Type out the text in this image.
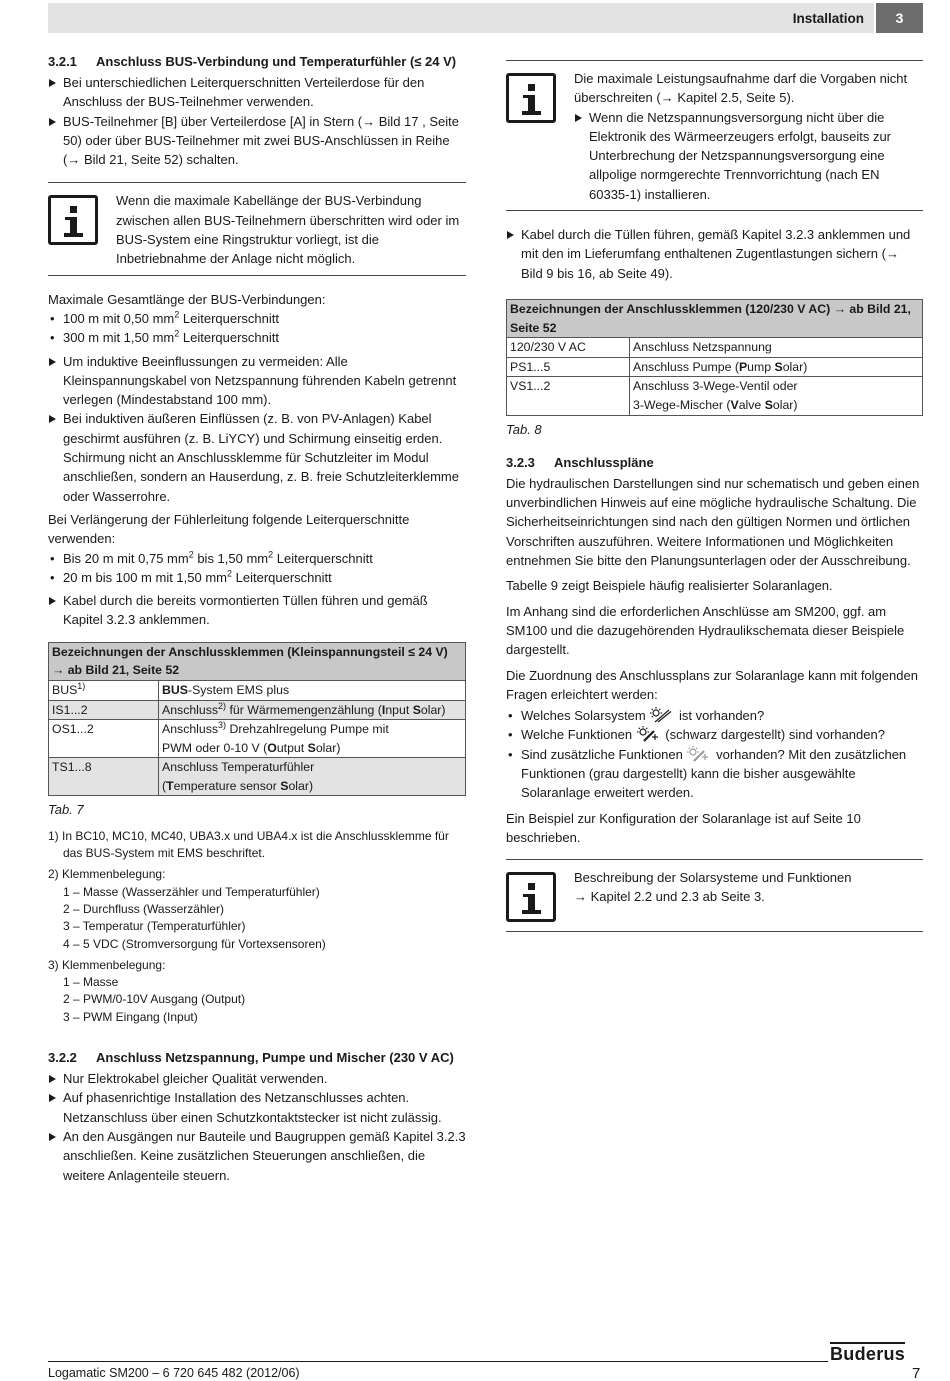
Installation	3
3.2.1 Anschluss BUS-Verbindung und Temperaturfühler (≤ 24 V)
Bei unterschiedlichen Leiterquerschnitten Verteilerdose für den Anschluss der BUS-Teilnehmer verwenden.
BUS-Teilnehmer [B] über Verteilerdose [A] in Stern (→ Bild 17 , Seite 50) oder über BUS-Teilnehmer mit zwei BUS-Anschlüssen in Reihe (→ Bild 21, Seite 52) schalten.
Wenn die maximale Kabellänge der BUS-Verbindung zwischen allen BUS-Teilnehmern überschritten wird oder im BUS-System eine Ringstruktur vorliegt, ist die Inbetriebnahme der Anlage nicht möglich.
Maximale Gesamtlänge der BUS-Verbindungen:
• 100 m mit 0,50 $mm^2$ Leiterquerschnitt
• 300 m mit 1,50 $mm^2$ Leiterquerschnitt
Um induktive Beeinflussungen zu vermeiden: Alle Kleinspannungskabel von Netzspannung führenden Kabeln getrennt verlegen (Mindestabstand 100 mm).
Bei induktiven äußeren Einflüssen (z. B. von PV-Anlagen) Kabel geschirmt ausführen (z. B. LiYCY) und Schirmung einseitig erden. Schirmung nicht an Anschlussklemme für Schutzleiter im Modul anschließen, sondern an Hauserdung, z. B. freie Schutzleiterklemme oder Wasserrohre.
Bei Verlängerung der Fühlerleitung folgende Leiterquerschnitte verwenden:
• Bis 20 m mit 0,75 $mm^2$ bis 1,50 $mm^2$ Leiterquerschnitt
• 20 m bis 100 m mit 1,50 $mm^2$ Leiterquerschnitt
Kabel durch die bereits vormontierten Tüllen führen und gemäß Kapitel 3.2.3 anklemmen.
Bezeichnungen der Anschlussklemmen (Kleinspannungsteil ≤ 24 V) → ab Bild 21, Seite 52	
BUS$^{1)}$	BUS-System EMS plus
IS1...2	Anschluss$^{2)}$ für Wärmemengenzählung (Input Solar)
OS1...2	Anschluss$^{3)}$ Drehzahlregelung Pumpe mit
PWM oder 0-10 V (Output Solar)
TS1...8	Anschluss Temperaturfühler
(Temperature sensor Solar)
Tab. 7
1) In BC10, MC10, MC40, UBA3.x und UBA4.x ist die Anschlussklemme für
das BUS-System mit EMS beschriftet.
2) Klemmenbelegung:
1 – Masse (Wasserzähler und Temperaturfühler)
2 – Durchfluss (Wasserzähler)
3 – Temperatur (Temperaturfühler)
4 – 5 VDC (Stromversorgung für Vortexsensoren)
3) Klemmenbelegung:
1 – Masse
2 – PWM/0-10V Ausgang (Output)
3 – PWM Eingang (Input)
3.2.2 Anschluss Netzspannung, Pumpe und Mischer (230 V AC)
Nur Elektrokabel gleicher Qualität verwenden.
Auf phasenrichtige Installation des Netzanschlusses achten. Netzanschluss über einen Schutzkontaktstecker ist nicht zulässig.
An den Ausgängen nur Bauteile und Baugruppen gemäß Kapitel 3.2.3 anschließen. Keine zusätzlichen Steuerungen anschließen, die weitere Anlagenteile steuern.
Die maximale Leistungsaufnahme darf die Vorgaben nicht überschreiten (→ Kapitel 2.5, Seite 5).
Wenn die Netzspannungsversorgung nicht über die Elektronik des Wärmeerzeugers erfolgt, bauseits zur Unterbrechung der Netzspannungsversorgung eine allpolige normgerechte Trennvorrichtung (nach EN 60335-1) installieren.
Kabel durch die Tüllen führen, gemäß Kapitel 3.2.3 anklemmen und mit den im Lieferumfang enthaltenen Zugentlastungen sichern (→ Bild 9 bis 16, ab Seite 49).
Bezeichnungen der Anschlussklemmen (120/230 V AC) → ab Bild 21, Seite 52	
120/230 V AC	Anschluss Netzspannung
PS1...5	Anschluss Pumpe (Pump Solar)
VS1...2	Anschluss 3-Wege-Ventil oder
3-Wege-Mischer (Valve Solar)
Tab. 8
3.2.3 Anschlusspläne

Die hydraulischen Darstellungen sind nur schematisch und geben einen unverbindlichen Hinweis auf eine mögliche hydraulische Schaltung. Die Sicherheitseinrichtungen sind nach den gültigen Normen und örtlichen Vorschriften auszuführen. Weitere Informationen und Möglichkeiten entnehmen Sie bitte den Planungsunterlagen oder der Ausschreibung.

Tabelle 9 zeigt Beispiele häufig realisierter Solaranlagen.

Im Anhang sind die erforderlichen Anschlüsse am SM200, ggf. am SM100 und die dazugehörenden Hydraulikschemata dieser Beispiele dargestellt.

Die Zuordnung des Anschlussplans zur Solaranlage kann mit folgenden Fragen erleichtert werden:

• Welches Solarsystem  ist vorhanden?
• Welche Funktionen  (schwarz dargestellt) sind vorhanden?
• Sind zusätzliche Funktionen  vorhanden? Mit den zusätzlichen Funktionen (grau dargestellt) kann die bisher ausgewählte Solaranlage erweitert werden.

Ein Beispiel zur Konfiguration der Solaranlage ist auf Seite 10 beschrieben.

Beschreibung der Solarsysteme und Funktionen
→ Kapitel 2.2 und 2.3 ab Seite 3.
Logamatic SM200 – 6 720 645 482 (2012/06)
Buderus
7
